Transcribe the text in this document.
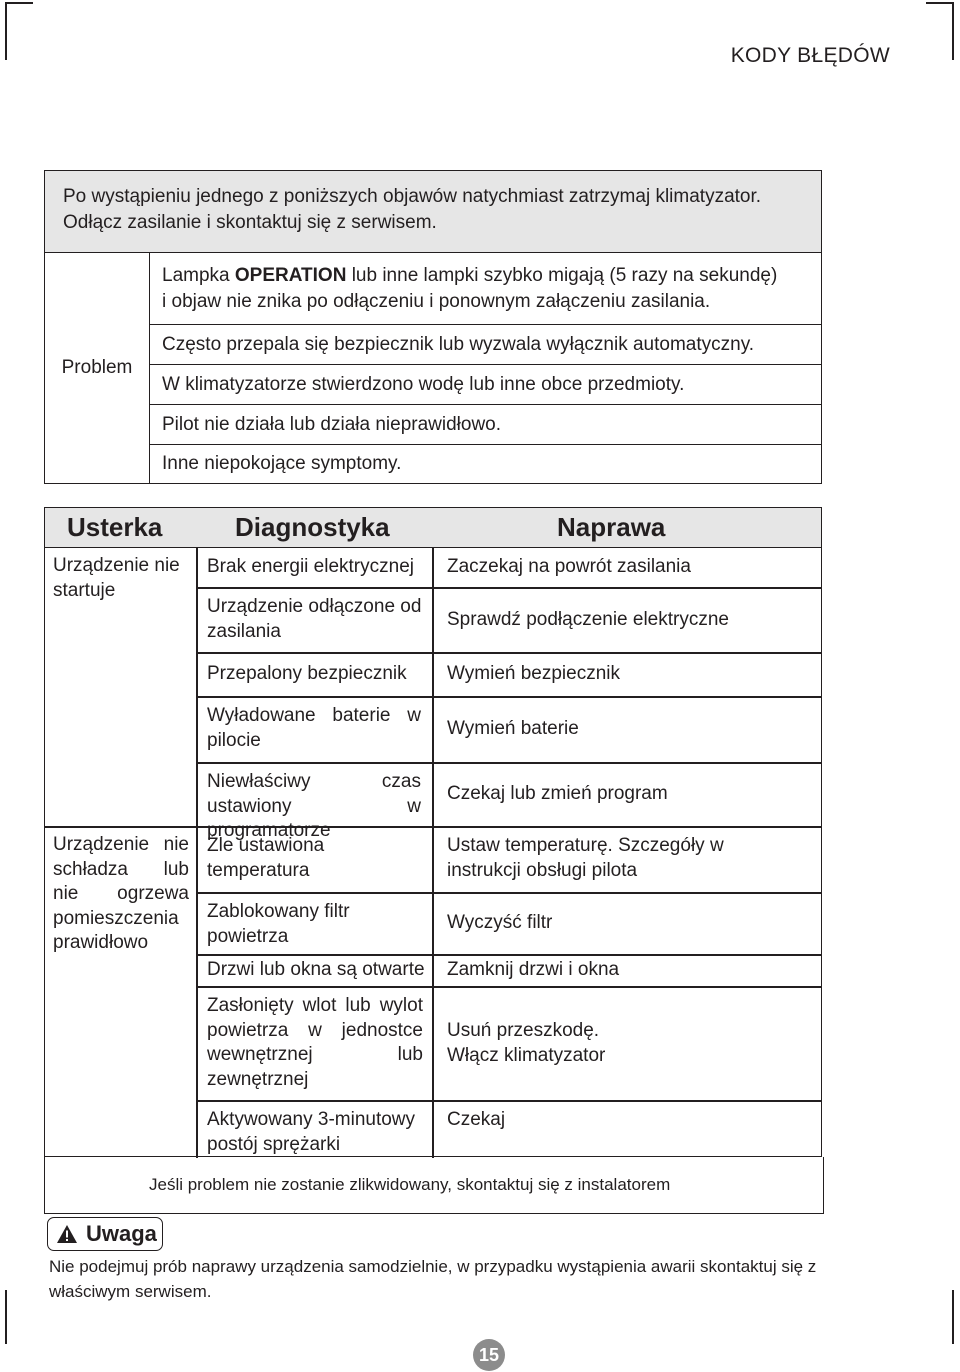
KODY BŁĘDÓW
Po wystąpieniu jednego z poniższych objawów natychmiast zatrzymaj klimatyzator.
Odłącz zasilanie i skontaktuj się z serwisem.
Problem
Lampka OPERATION lub inne lampki szybko migają (5 razy na sekundę)
i objaw nie znika po odłączeniu i ponownym załączeniu zasilania.
Często przepala się bezpiecznik lub wyzwala wyłącznik automatyczny.
W klimatyzatorze stwierdzono wodę lub inne obce przedmioty.
Pilot nie działa lub działa nieprawidłowo.
Inne niepokojące symptomy.
Usterka	Diagnostyka	Naprawa
Urządzenie nie startuje
Brak energii elektrycznej Zaczekaj na powrót zasilania
Urządzenie odłączone od zasilania
Sprawdź podłączenie elektryczne
Przepalony bezpiecznik Wymień bezpiecznik
Wyładowane baterie w pilocie
Wymień baterie
Niewłaściwy czas ustawiony w programatorze
Czekaj lub zmień program
Urządzenie nie schładza lub nie ogrzewa pomieszczenia prawidłowo
Źle ustawiona temperatura
Ustaw temperaturę. Szczegóły w instrukcji obsługi pilota
Zablokowany filtr powietrza
Wyczyść filtr
Drzwi lub okna są otwarte Zamknij drzwi i okna
Zasłonięty wlot lub wylot powietrza w jednostce wewnętrznej lub zewnętrznej
Usuń przeszkodę. Włącz klimatyzator
Aktywowany 3-minutowy postój sprężarki
Czekaj
Jeśli problem nie zostanie zlikwidowany, skontaktuj się z instalatorem
Uwaga
Nie podejmuj prób naprawy urządzenia samodzielnie, w przypadku wystąpienia awarii skontaktuj się z właściwym serwisem.
15
